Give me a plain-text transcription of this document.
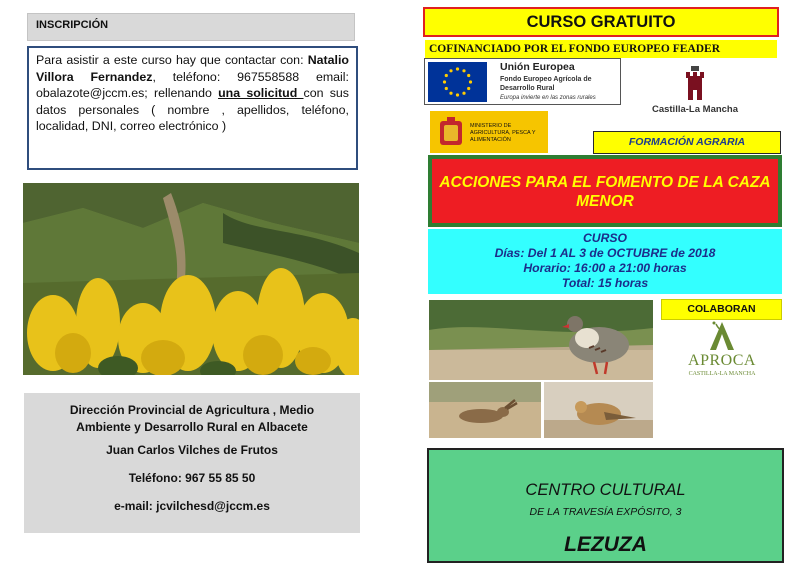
INSCRIPCIÓN
Para asistir a este curso hay que contactar con: Natalio Villora Fernandez, teléfono: 967558588 email: obalazote@jccm.es; rellenando una solicitud con sus datos personales ( nombre , apellidos, teléfono, localidad, DNI, correo electrónico )
Dirección Provincial de Agricultura , Medio Ambiente y Desarrollo Rural en Albacete
Juan Carlos Vilches de Frutos
Teléfono: 967 55 85 50
e-mail: jcvilchesd@jccm.es
CURSO GRATUITO
COFINANCIADO POR EL FONDO EUROPEO FEADER
Unión Europea
Fondo Europeo Agrícola de Desarrollo Rural
Europa invierte en las zonas rurales
Castilla-La Mancha
MINISTERIO DE AGRICULTURA, PESCA Y ALIMENTACIÓN	FORMACIÓN AGRARIA
ACCIONES PARA EL FOMENTO DE LA CAZA MENOR
CURSO
Días: Del 1 AL 3 de OCTUBRE de 2018
Horario: 16:00 a 21:00 horas
Total: 15 horas
COLABORAN
APROCA
CASTILLA-LA MANCHA
CENTRO CULTURAL
DE LA TRAVESÍA EXPÓSITO, 3
LEZUZA
